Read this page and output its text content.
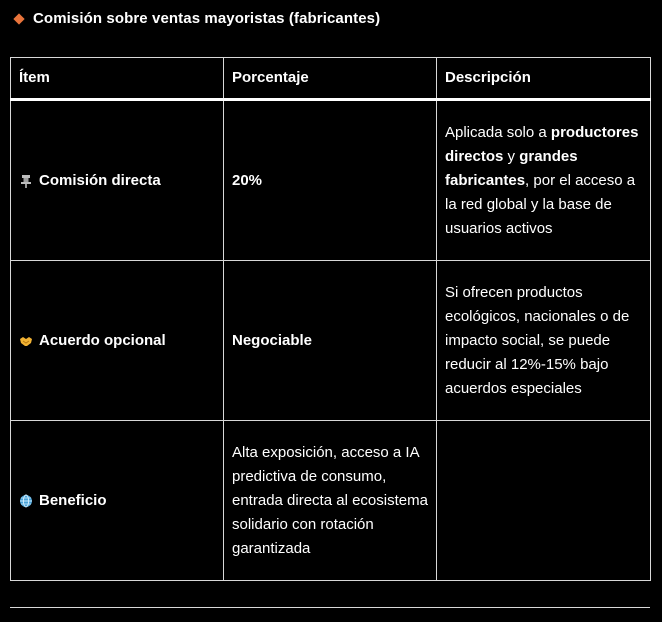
Comisión sobre ventas mayoristas (fabricantes)
Ítem	Porcentaje	Descripción

Comisión directa	20%	Aplicada solo a productores directos y grandes fabricantes, por el acceso a la red global y la base de usuarios activos

Acuerdo opcional	Negociable	Si ofrecen productos ecológicos, nacionales o de impacto social, se puede reducir al 12%-15% bajo acuerdos especiales

Beneficio	Alta exposición, acceso a IA predictiva de consumo, entrada directa al ecosistema solidario con rotación garantizada	
